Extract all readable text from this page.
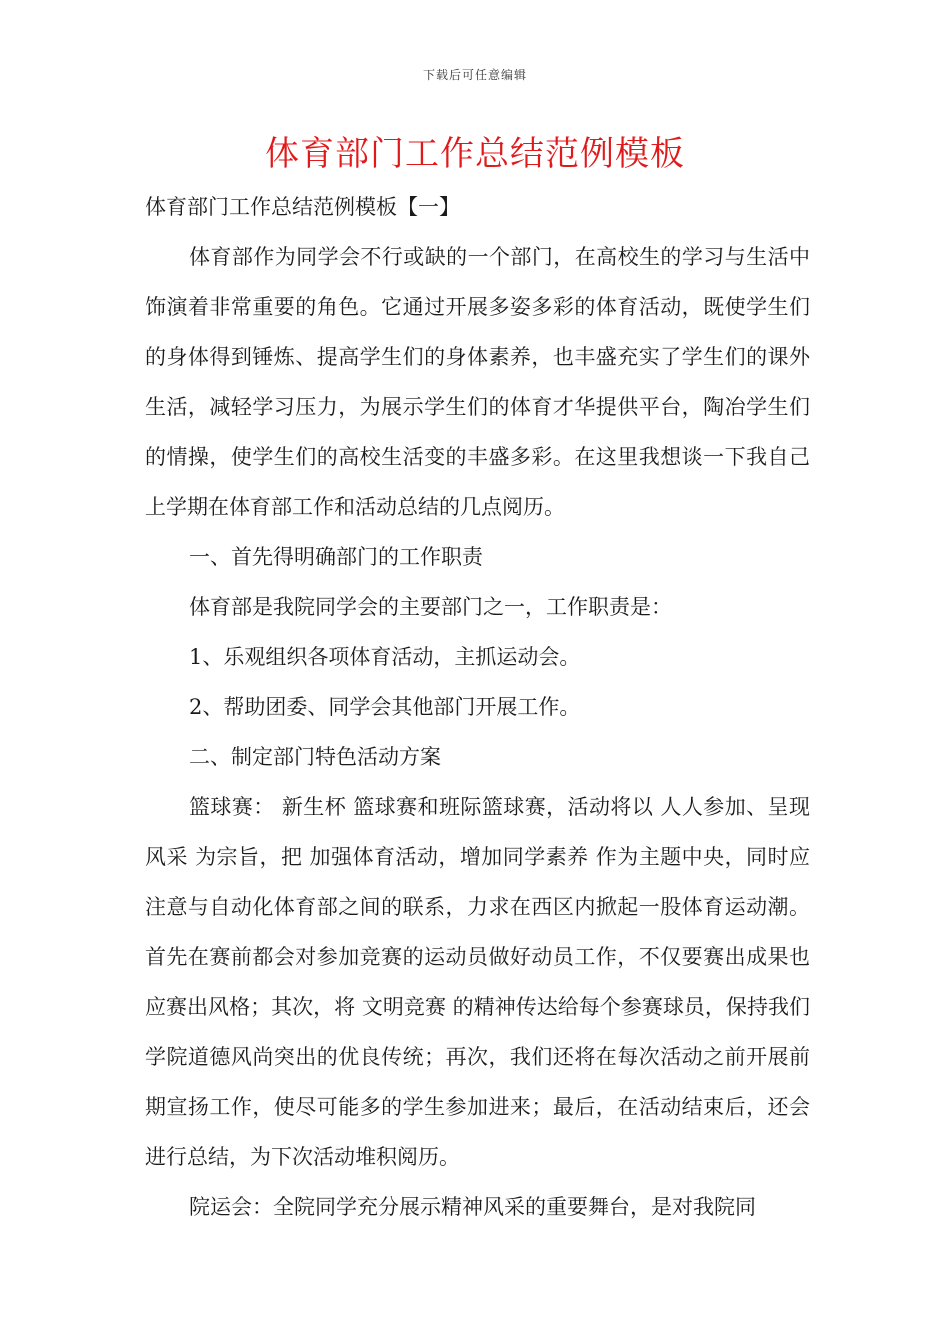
下载后可任意编辑
体育部门工作总结范例模板

体育部门工作总结范例模板【一】

体育部作为同学会不行或缺的一个部门，在高校生的学习与生活中饰演着非常重要的角色。它通过开展多姿多彩的体育活动，既使学生们的身体得到锤炼、提高学生们的身体素养，也丰盛充实了学生们的课外生活，减轻学习压力，为展示学生们的体育才华提供平台，陶冶学生们的情操，使学生们的高校生活变的丰盛多彩。在这里我想谈一下我自己上学期在体育部工作和活动总结的几点阅历。

一、首先得明确部门的工作职责

体育部是我院同学会的主要部门之一，工作职责是：

1、乐观组织各项体育活动，主抓运动会。

2、帮助团委、同学会其他部门开展工作。

二、制定部门特色活动方案

篮球赛： 新生杯 篮球赛和班际篮球赛，活动将以 人人参加、呈现风采 为宗旨，把 加强体育活动，增加同学素养 作为主题中央，同时应注意与自动化体育部之间的联系，力求在西区内掀起一股体育运动潮。首先在赛前都会对参加竞赛的运动员做好动员工作，不仅要赛出成果也应赛出风格；其次，将 文明竞赛 的精神传达给每个参赛球员，保持我们学院道德风尚突出的优良传统；再次，我们还将在每次活动之前开展前期宣扬工作，使尽可能多的学生参加进来；最后，在活动结束后，还会进行总结，为下次活动堆积阅历。

院运会：全院同学充分展示精神风采的重要舞台，是对我院同
